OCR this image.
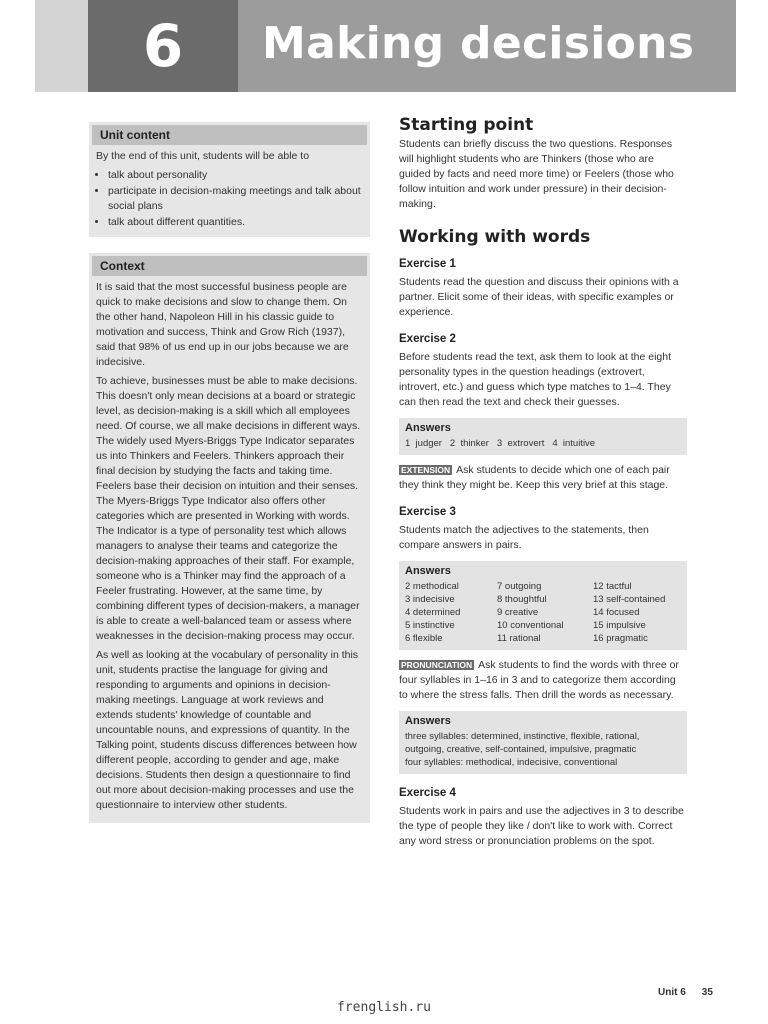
6	Making decisions
Unit content

By the end of this unit, students will be able to

• talk about personality
• participate in decision-making meetings and talk about social plans
• talk about different quantities.
Context

It is said that the most successful business people are quick to make decisions and slow to change them. On the other hand, Napoleon Hill in his classic guide to motivation and success, Think and Grow Rich (1937), said that 98% of us end up in our jobs because we are indecisive.

To achieve, businesses must be able to make decisions. This doesn't only mean decisions at a board or strategic level, as decision-making is a skill which all employees need. Of course, we all make decisions in different ways. The widely used Myers-Briggs Type Indicator separates us into Thinkers and Feelers. Thinkers approach their final decision by studying the facts and taking time. Feelers base their decision on intuition and their senses. The Myers-Briggs Type Indicator also offers other categories which are presented in Working with words. The Indicator is a type of personality test which allows managers to analyse their teams and categorize the decision-making approaches of their staff. For example, someone who is a Thinker may find the approach of a Feeler frustrating. However, at the same time, by combining different types of decision-makers, a manager is able to create a well-balanced team or assess where weaknesses in the decision-making process may occur.

As well as looking at the vocabulary of personality in this unit, students practise the language for giving and responding to arguments and opinions in decision-making meetings. Language at work reviews and extends students' knowledge of countable and uncountable nouns, and expressions of quantity. In the Talking point, students discuss differences between how different people, according to gender and age, make decisions. Students then design a questionnaire to find out more about decision-making processes and use the questionnaire to interview other students.

Starting point

Students can briefly discuss the two questions. Responses will highlight students who are Thinkers (those who are guided by facts and need more time) or Feelers (those who follow intuition and work under pressure) in their decision-making.

Working with words
Exercise 1

Students read the question and discuss their opinions with a partner. Elicit some of their ideas, with specific examples or experience.

Exercise 2

Before students read the text, ask them to look at the eight personality types in the question headings (extrovert, introvert, etc.) and guess which type matches to 1–4. They can then read the text and check their guesses.

Answers
1  judger   2  thinker   3  extrovert   4  intuitive

EXTENSION Ask students to decide which one of each pair they think they might be. Keep this very brief at this stage.

Exercise 3

Students match the adjectives to the statements, then compare answers in pairs.

Answers
2 methodical	7 outgoing	12 tactful
3 indecisive	8 thoughtful	13 self-contained
4 determined	9 creative	14 focused
5 instinctive	10 conventional	15 impulsive
6 flexible	11 rational	16 pragmatic

PRONUNCIATION Ask students to find the words with three or four syllables in 1–16 in 3 and to categorize them according to where the stress falls. Then drill the words as necessary.

Answers
three syllables: determined, instinctive, flexible, rational,
outgoing, creative, self-contained, impulsive, pragmatic
four syllables: methodical, indecisive, conventional
Exercise 4

Students work in pairs and use the adjectives in 3 to describe the type of people they like / don't like to work with. Correct any word stress or pronunciation problems on the spot.

Unit 6 35
frenglish.ru
